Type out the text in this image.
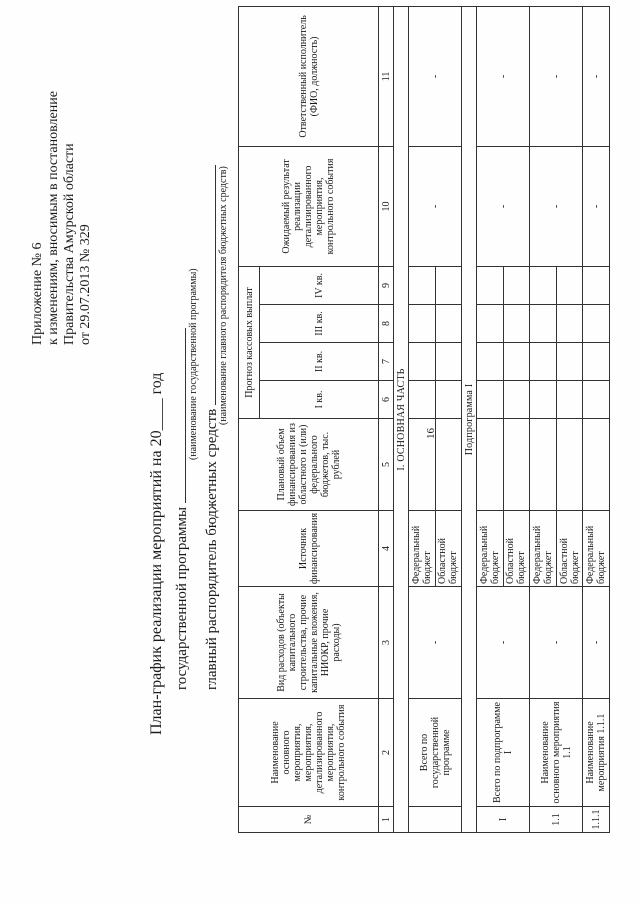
16
Приложение № 6 к изменениям, вносимым в постановление Правительства Амурской области от 29.07.2013 № 329
План-график реализации мероприятий на 20____ год государственной программы
(наименование государственной программы)
главный распорядитель бюджетных средств
(наименование главного распорядителя бюджетных средств)
№	Наименование основного мероприятия, мероприятия, детализированного мероприятия, контрольного события	Вид расходов (объекты капитального строительства, прочие капитальные вложения, НИОКР, прочие расходы)	Источник финансирования	Плановый объем финансирования из областного и (или) федерального бюджетов, тыс. рублей	Прогноз кассовых выплат				Ожидаемый результат реализации детализированного мероприятия, контрольного события	Ответственный исполнитель (ФИО, должность)
					I кв.	II кв.	III кв.	IV кв.		
1	2	3	4	5	6	7	8	9	10	11
I. ОСНОВНАЯ ЧАСТЬ										
	Всего по государственной программе	-	Федеральный бюджет						-	-
			Областной бюджет							
Подпрограмма I										
I	Всего по подпрограмме I	-	Федеральный бюджет						-	-
			Областной бюджет							
1.1	Наименование основного мероприятия 1.1	-	Федеральный бюджет						-	-
			Областной бюджет							
1.1.1	Наименование мероприятия 1.1.1	-	Федеральный бюджет						-	-
